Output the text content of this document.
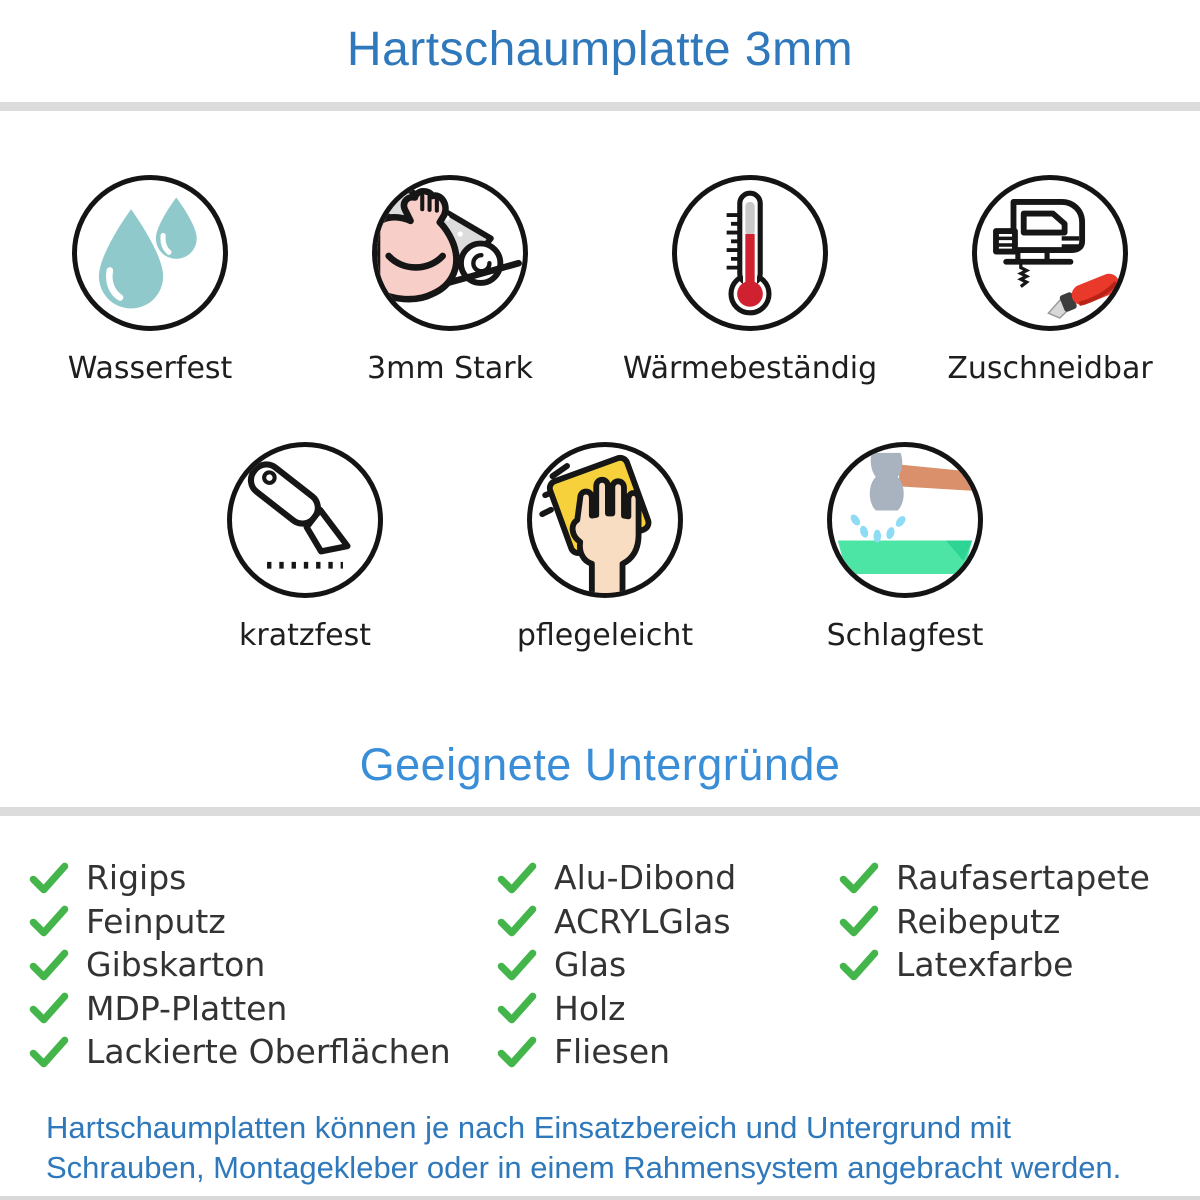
Hartschaumplatte 3mm
Wasserfest	3mm Stark	Wärmebeständig Zuschneidbar
kratzfest	pflegeleicht	Schlagfest
Geeignete Untergründe
Rigips
Feinputz
Gibskarton
MDP-Platten
Lackierte Oberflächen
Alu-Dibond
ACRYLGlas
Glas
Holz
Fliesen
Raufasertapete
Reibeputz
Latexfarbe
Hartschaumplatten können je nach Einsatzbereich und Untergrund mit
Schrauben, Montagekleber oder in einem Rahmensystem angebracht werden.
